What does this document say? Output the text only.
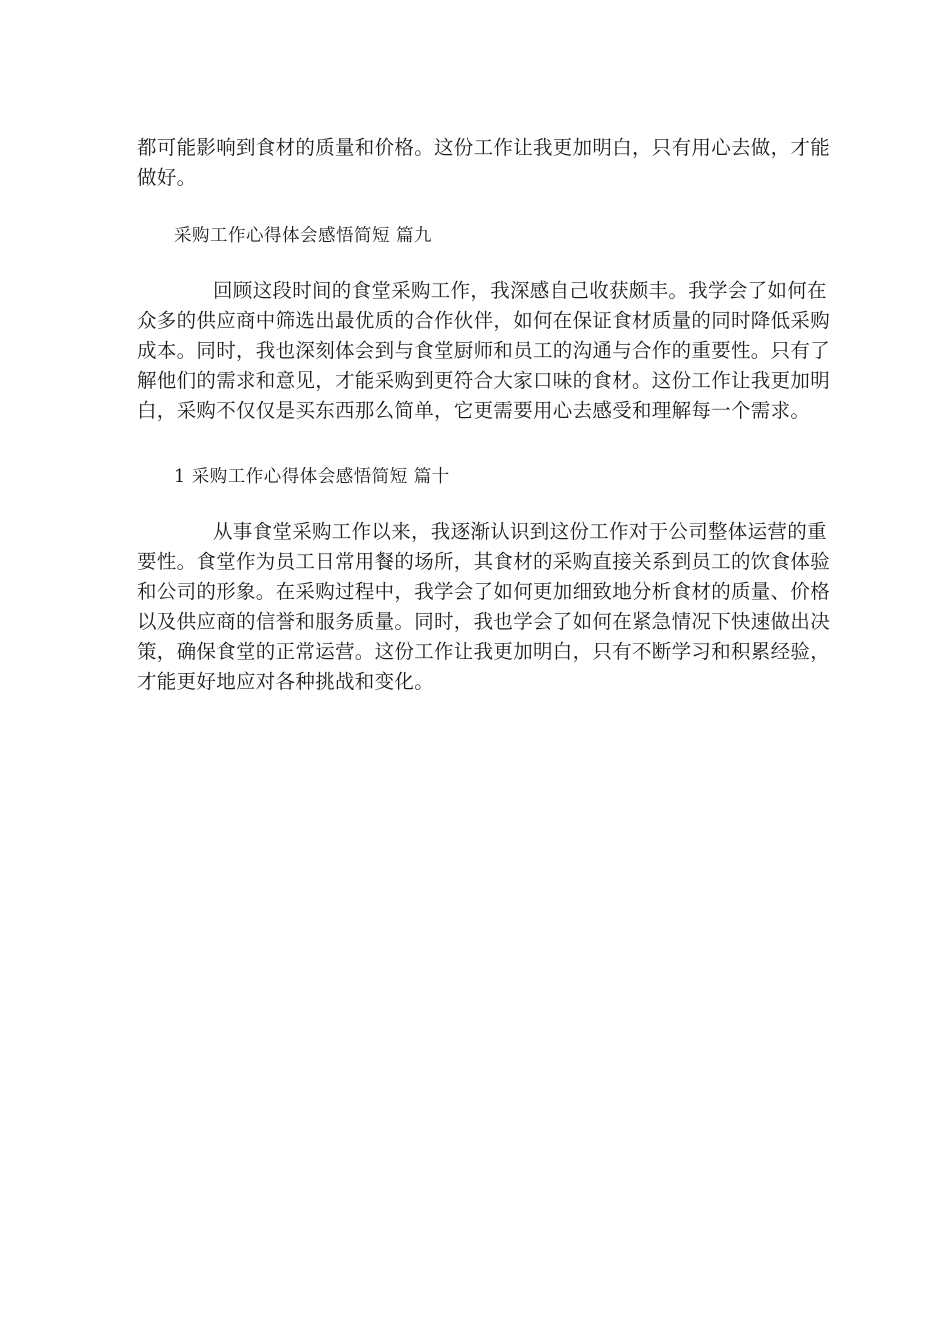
都可能影响到食材的质量和价格。这份工作让我更加明白，只有用心去做，才能
做好。
采购工作心得体会感悟简短 篇九
回顾这段时间的食堂采购工作，我深感自己收获颇丰。我学会了如何在
众多的供应商中筛选出最优质的合作伙伴，如何在保证食材质量的同时降低采购
成本。同时，我也深刻体会到与食堂厨师和员工的沟通与合作的重要性。只有了
解他们的需求和意见，才能采购到更符合大家口味的食材。这份工作让我更加明
白，采购不仅仅是买东西那么简单，它更需要用心去感受和理解每一个需求。
1 采购工作心得体会感悟简短 篇十
从事食堂采购工作以来，我逐渐认识到这份工作对于公司整体运营的重
要性。食堂作为员工日常用餐的场所，其食材的采购直接关系到员工的饮食体验
和公司的形象。在采购过程中，我学会了如何更加细致地分析食材的质量、价格
以及供应商的信誉和服务质量。同时，我也学会了如何在紧急情况下快速做出决
策，确保食堂的正常运营。这份工作让我更加明白，只有不断学习和积累经验，
才能更好地应对各种挑战和变化。
